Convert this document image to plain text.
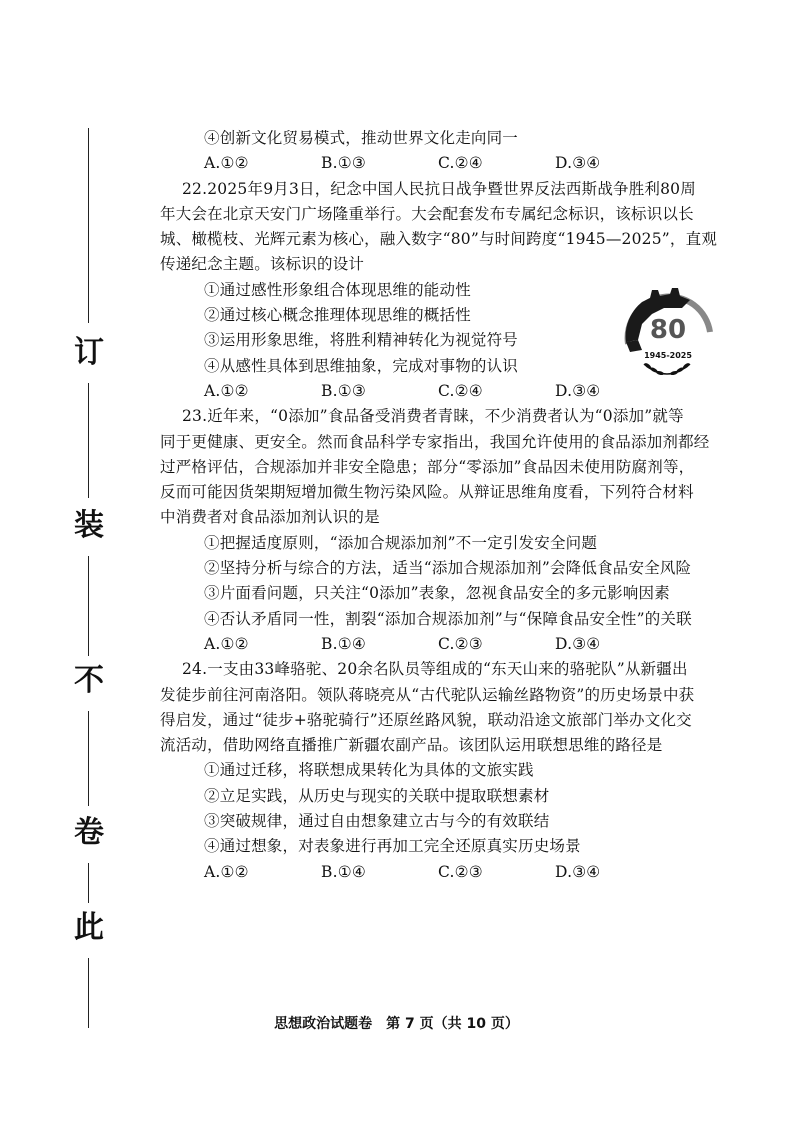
订
装
不
卷
此
④创新文化贸易模式，推动世界文化走向同一
A.①②	B.①③	C.②④	D.③④
22.2025年9月3日，纪念中国人民抗日战争暨世界反法西斯战争胜利80周
年大会在北京天安门广场隆重举行。大会配套发布专属纪念标识，该标识以长
城、橄榄枝、光辉元素为核心，融入数字“80”与时间跨度“1945—2025”，直观
传递纪念主题。该标识的设计
①通过感性形象组合体现思维的能动性
②通过核心概念推理体现思维的概括性
③运用形象思维，将胜利精神转化为视觉符号
④从感性具体到思维抽象，完成对事物的认识
A.①②	B.①③	C.②④	D.③④
23.近年来，“0添加”食品备受消费者青睐，不少消费者认为“0添加”就等
同于更健康、更安全。然而食品科学专家指出，我国允许使用的食品添加剂都经
过严格评估，合规添加并非安全隐患；部分“零添加”食品因未使用防腐剂等，
反而可能因货架期短增加微生物污染风险。从辩证思维角度看，下列符合材料
中消费者对食品添加剂认识的是
①把握适度原则，“添加合规添加剂”不一定引发安全问题
②坚持分析与综合的方法，适当“添加合规添加剂”会降低食品安全风险
③片面看问题，只关注“0添加”表象，忽视食品安全的多元影响因素
④否认矛盾同一性，割裂“添加合规添加剂”与“保障食品安全性”的关联
A.①②	B.①④	C.②③	D.③④
24.一支由33峰骆驼、20余名队员等组成的“东天山来的骆驼队”从新疆出
发徒步前往河南洛阳。领队蒋晓亮从“古代驼队运输丝路物资”的历史场景中获
得启发，通过“徒步+骆驼骑行”还原丝路风貌，联动沿途文旅部门举办文化交
流活动，借助网络直播推广新疆农副产品。该团队运用联想思维的路径是
①通过迁移，将联想成果转化为具体的文旅实践
②立足实践，从历史与现实的关联中提取联想素材
③突破规律，通过自由想象建立古与今的有效联结
④通过想象，对表象进行再加工完全还原真实历史场景
A.①②	B.①④	C.②③	D.③④
80
1945-2025
思想政治试题卷　第 7 页（共 10 页）
